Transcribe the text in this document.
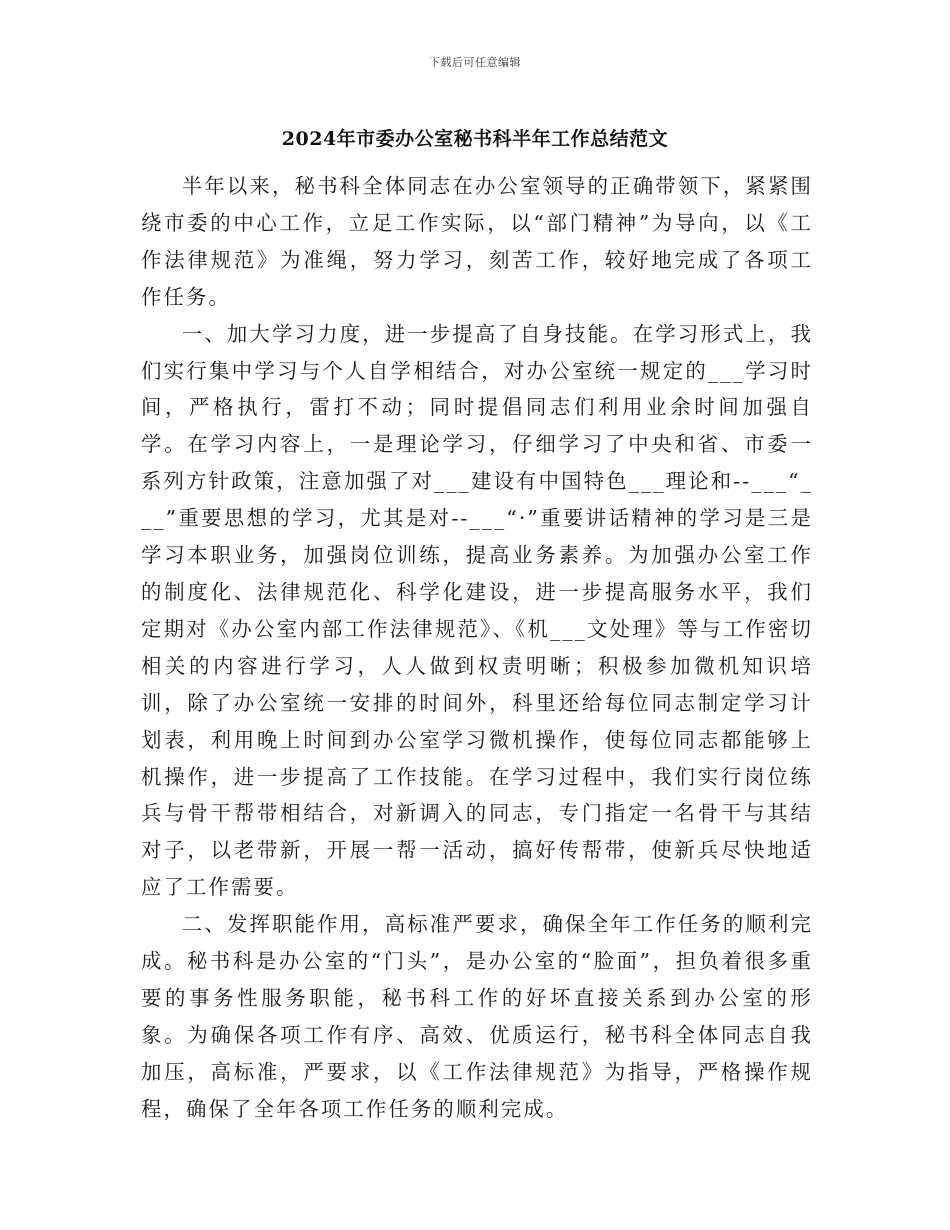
下载后可任意编辑
2024年市委办公室秘书科半年工作总结范文

半年以来，秘书科全体同志在办公室领导的正确带领下，紧紧围绕市委的中心工作，立足工作实际，以“部门精神”为导向，以《工作法律规范》为准绳，努力学习，刻苦工作，较好地完成了各项工作任务。

一、加大学习力度，进一步提高了自身技能。在学习形式上，我们实行集中学习与个人自学相结合，对办公室统一规定的___学习时间，严格执行，雷打不动；同时提倡同志们利用业余时间加强自学。在学习内容上，一是理论学习，仔细学习了中央和省、市委一系列方针政策，注意加强了对___建设有中国特色___理论和--___“___”重要思想的学习，尤其是对--___“·”重要讲话精神的学习是三是学习本职业务，加强岗位训练，提高业务素养。为加强办公室工作的制度化、法律规范化、科学化建设，进一步提高服务水平，我们定期对《办公室内部工作法律规范》、《机___文处理》等与工作密切相关的内容进行学习，人人做到权责明晰；积极参加微机知识培训，除了办公室统一安排的时间外，科里还给每位同志制定学习计划表，利用晚上时间到办公室学习微机操作，使每位同志都能够上机操作，进一步提高了工作技能。在学习过程中，我们实行岗位练兵与骨干帮带相结合，对新调入的同志，专门指定一名骨干与其结对子，以老带新，开展一帮一活动，搞好传帮带，使新兵尽快地适应了工作需要。

二、发挥职能作用，高标准严要求，确保全年工作任务的顺利完成。秘书科是办公室的“门头”，是办公室的“脸面”，担负着很多重要的事务性服务职能，秘书科工作的好坏直接关系到办公室的形象。为确保各项工作有序、高效、优质运行，秘书科全体同志自我加压，高标准，严要求，以《工作法律规范》为指导，严格操作规程，确保了全年各项工作任务的顺利完成。
